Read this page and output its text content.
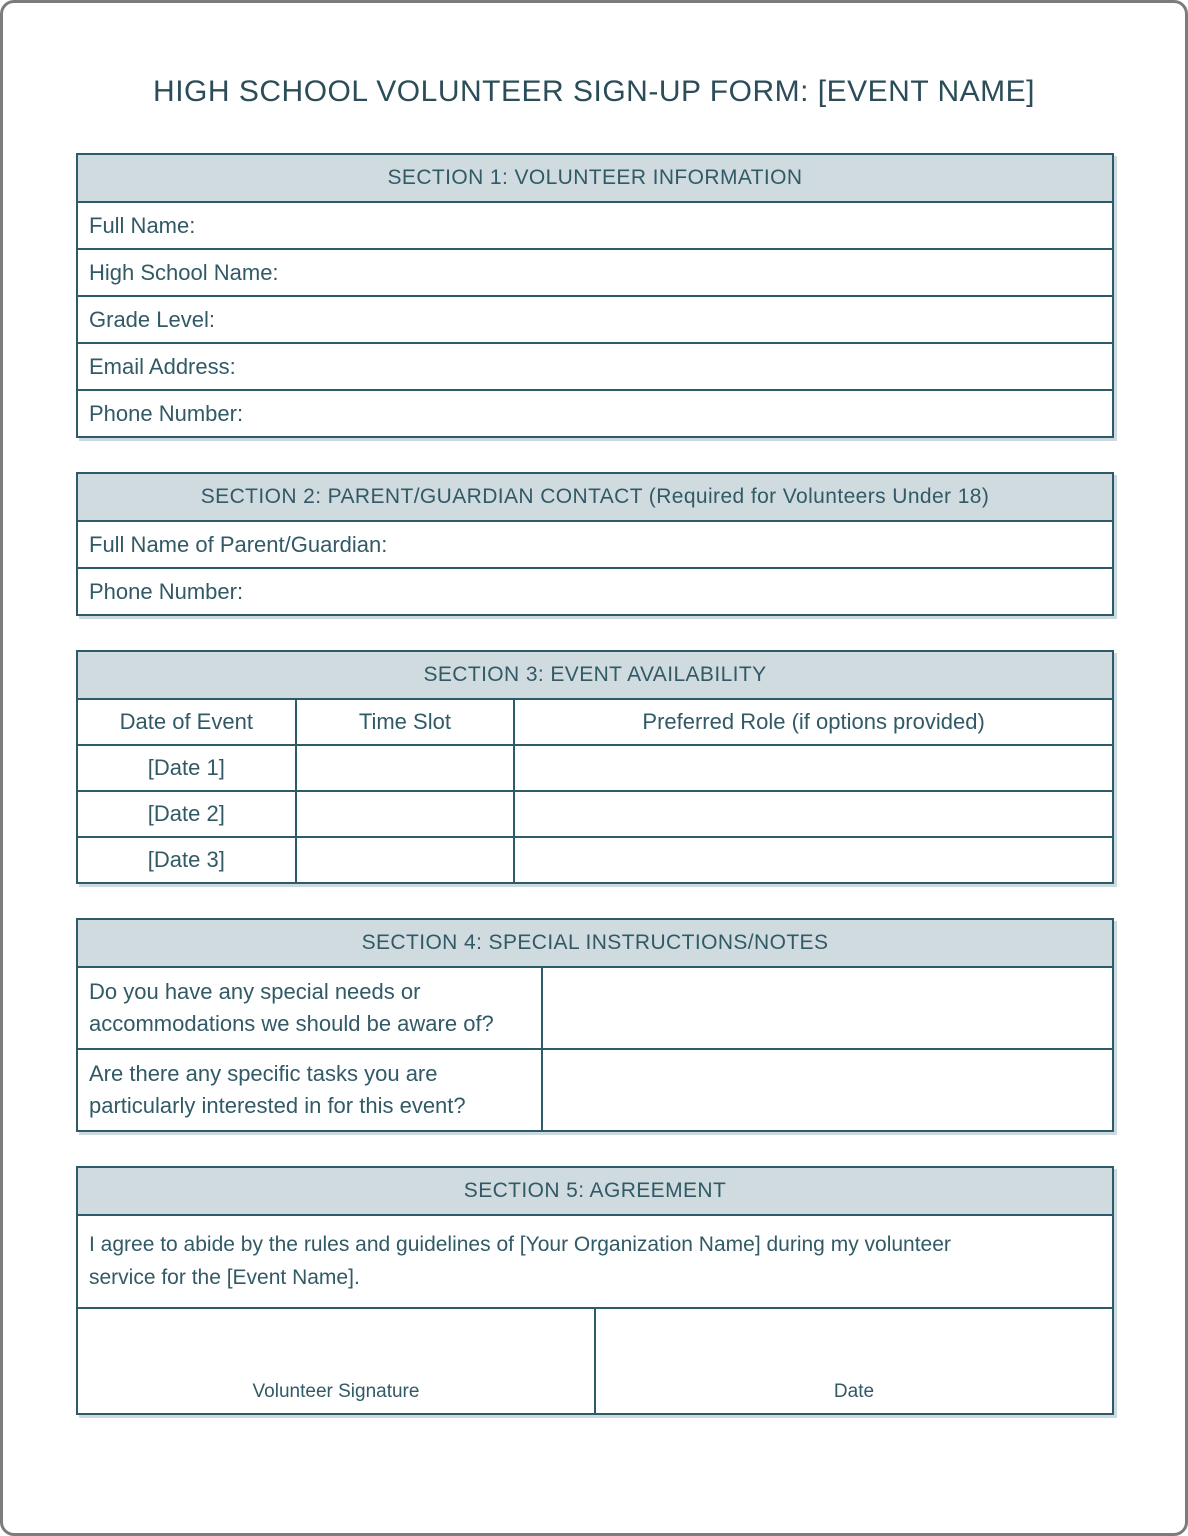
HIGH SCHOOL VOLUNTEER SIGN-UP FORM: [EVENT NAME]
SECTION 1: VOLUNTEER INFORMATION
Full Name:
High School Name:
Grade Level:
Email Address:
Phone Number:
SECTION 2: PARENT/GUARDIAN CONTACT (Required for Volunteers Under 18)
Full Name of Parent/Guardian:
Phone Number:
SECTION 3: EVENT AVAILABILITY		
Date of Event	Time Slot	Preferred Role (if options provided)
[Date 1]		
[Date 2]		
[Date 3]		
SECTION 4: SPECIAL INSTRUCTIONS/NOTES	

Do you have any special needs or
accommodations we should be aware of?	

Are there any specific tasks you are
particularly interested in for this event?	

SECTION 5: AGREEMENT

I agree to abide by the rules and guidelines of [Your Organization Name] during my volunteer
service for the [Event Name].

Volunteer Signature	Date
